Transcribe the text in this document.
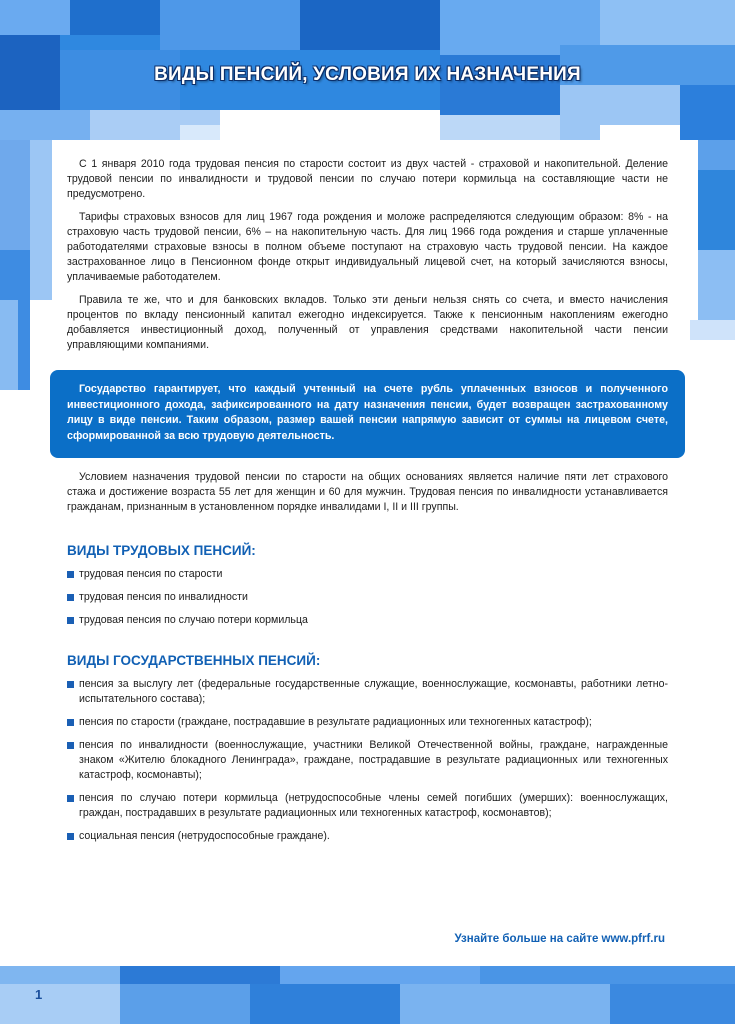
ВИДЫ ПЕНСИЙ, УСЛОВИЯ ИХ НАЗНАЧЕНИЯ

С 1 января 2010 года трудовая пенсия по старости состоит из двух частей - страховой и накопительной. Деление трудовой пенсии по инвалидности и трудовой пенсии по случаю потери кормильца на составляющие части не предусмотрено.

Тарифы страховых взносов для лиц 1967 года рождения и моложе распределяются следующим образом: 8% - на страховую часть трудовой пенсии, 6% – на накопительную часть. Для лиц 1966 года рождения и старше уплаченные работодателями страховые взносы в полном объеме поступают на страховую часть трудовой пенсии. На каждое застрахованное лицо в Пенсионном фонде открыт индивидуальный лицевой счет, на который зачисляются взносы, уплачиваемые работодателем.

Правила те же, что и для банковских вкладов. Только эти деньги нельзя снять со счета, и вместо начисления процентов по вкладу пенсионный капитал ежегодно индексируется. Также к пенсионным накоплениям ежегодно добавляется инвестиционный доход, полученный от управления средствами накопительной части пенсии управляющими компаниями.

Государство гарантирует, что каждый учтенный на счете рубль уплаченных взносов и полученного инвестиционного дохода, зафиксированного на дату назначения пенсии, будет возвращен застрахованному лицу в виде пенсии. Таким образом, размер вашей пенсии напрямую зависит от суммы на лицевом счете, сформированной за всю трудовую деятельность.

Условием назначения трудовой пенсии по старости на общих основаниях является наличие пяти лет страхового стажа и достижение возраста 55 лет для женщин и 60 для мужчин. Трудовая пенсия по инвалидности устанавливается гражданам, признанным в установленном порядке инвалидами I, II и III группы.

ВИДЫ ТРУДОВЫХ ПЕНСИЙ:
трудовая пенсия по старости
трудовая пенсия по инвалидности
трудовая пенсия по случаю потери кормильца
ВИДЫ ГОСУДАРСТВЕННЫХ ПЕНСИЙ:
пенсия за выслугу лет (федеральные государственные служащие, военнослужащие, космонавты, работники летно-испытательного состава);
пенсия по старости (граждане, пострадавшие в результате радиационных или техногенных катастроф);
пенсия по инвалидности (военнослужащие, участники Великой Отечественной войны, граждане, награжденные знаком «Жителю блокадного Ленинграда», граждане, пострадавшие в результате радиационных или техногенных катастроф, космонавты);
пенсия по случаю потери кормильца (нетрудоспособные члены семей погибших (умерших): военнослужащих, граждан, пострадавших в результате радиационных или техногенных катастроф, космонавтов);
социальная пенсия (нетрудоспособные граждане).
Узнайте больше на сайте www.pfrf.ru
1
